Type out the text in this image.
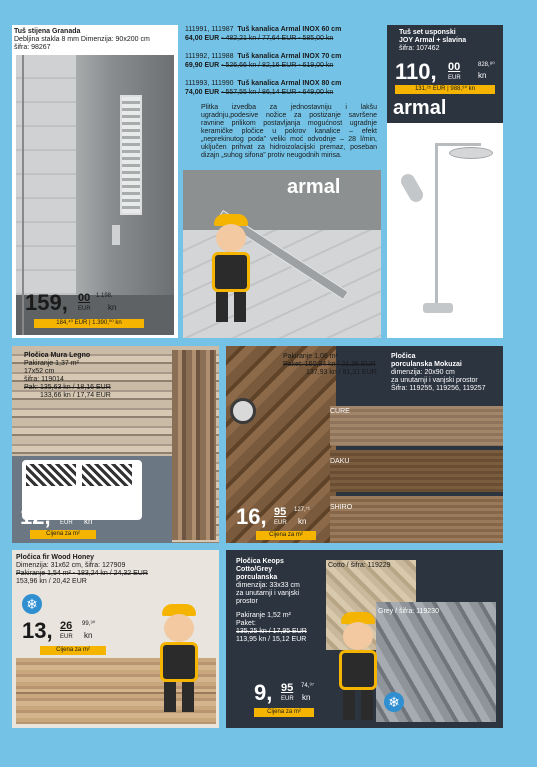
Tuš stijena Granada
Debljina stakla 8 mm Dimenzija: 90x200 cm
šifra: 98267
159, 00
EUR
1.198,
kn
184,⁴⁰ EUR | 1.390,⁰⁰ kn
111991, 111987 Tuš kanalica Armal INOX 60 cm
64,00 EUR - 482,21 kn / 77,64 EUR - 585,00 kn
111992, 111988 Tuš kanalica Armal INOX 70 cm
69,90 EUR - 526,66 kn / 82,16 EUR - 619,00 kn
111993, 111990 Tuš kanalica Armal INOX 80 cm
74,00 EUR - 557,55 kn / 86,14 EUR - 649,00 kn
Plitka izvedba za jednostavniju i lakšu ugradnju,podesive nožice za postizanje savršene ravnine prilikom postavljanja mogućnost ugradnje keramičke pločice u pokrov kanalice – efekt „neprekinutog poda” veliki moć odvodnje – 28 l/min, uključen prihvat za hidroizolacijski premaz, poseban dizajn „suhog sifona” protiv neugodnih mirisa.
armal
Tuš set usponski
JOY Armal + slavina
šifra: 107462
110, 00
EUR
828,⁸⁰
kn
131,²⁵ EUR | 988,⁹⁰ kn
armal
Pločica Mura Legno
Pakiranje 1,37 m²
17x52 cm
šifra: 119014
Pak: 135,63 kn / 18,16 EUR
133,66 kn / 17,74 EUR
12, 95
EUR
97,⁵⁷
kn
Cijena za m²
CURE
DAKU
SHIRO
Pakiranje 1,08 m²
Paket: 160,94 kn / 21,36 EUR
137,93 kn / 81,31 EUR
Pločica
porculanska Mokuzai
dimenzija: 20x90 cm
za unutarnji i vanjski prostor
Šifra: 119255, 119256, 119257
16, 95
EUR
127,⁷¹
kn
Cijena za m²
Pločica fir Wood Honey
Dimenzija: 31x62 cm, šifra: 127909
Pakiranje 1,54 m² - 183,24 kn / 24,32 EUR
153,96 kn / 20,42 EUR
❄
13, 26
EUR
99,⁹⁰
kn
Cijena za m²
Pločica Keops
Cotto/Grey
porculanska
dimenzija: 33x33 cm
za unutarnji i vanjski
prostor
Pakiranje 1,52 m²
Paket:
135,25 kn / 17,95 EUR
113,95 kn / 15,12 EUR
Cotto / šifra: 119229
Grey / šifra: 119230
❄
9, 95
EUR
74,⁹⁷
kn
Cijena za m²
